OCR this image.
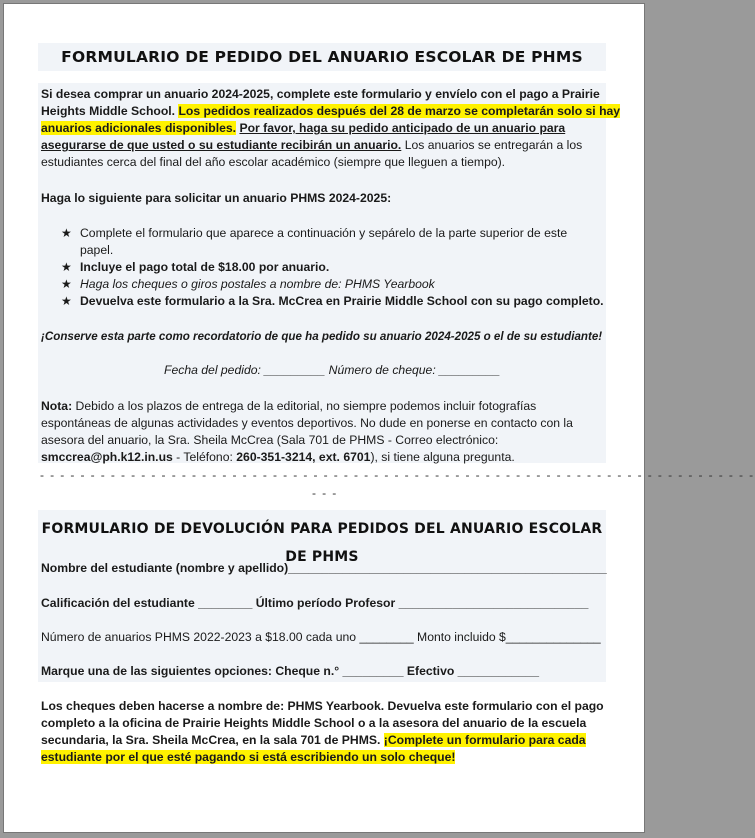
FORMULARIO DE PEDIDO DEL ANUARIO ESCOLAR DE PHMS
Si desea comprar un anuario 2024-2025, complete este formulario y envíelo con el pago a Prairie
Heights Middle School. Los pedidos realizados después del 28 de marzo se completarán solo si hay
anuarios adicionales disponibles. Por favor, haga su pedido anticipado de un anuario para
asegurarse de que usted o su estudiante recibirán un anuario. Los anuarios se entregarán a los
estudiantes cerca del final del año escolar académico (siempre que lleguen a tiempo).
Haga lo siguiente para solicitar un anuario PHMS 2024-2025:
★ Complete el formulario que aparece a continuación y sepárelo de la parte superior de este
papel.
★ Incluye el pago total de $18.00 por anuario.
★ Haga los cheques o giros postales a nombre de: PHMS Yearbook
★ Devuelva este formulario a la Sra. McCrea en Prairie Middle School con su pago completo.
¡Conserve esta parte como recordatorio de que ha pedido su anuario 2024-2025 o el de su estudiante!
Fecha del pedido: _________ Número de cheque: _________
Nota: Debido a los plazos de entrega de la editorial, no siempre podemos incluir fotografías
espontáneas de algunas actividades y eventos deportivos. No dude en ponerse en contacto con la
asesora del anuario, la Sra. Sheila McCrea (Sala 701 de PHMS - Correo electrónico:
smccrea@ph.k12.in.us - Teléfono: 260-351-3214, ext. 6701), si tiene alguna pregunta.
- - - - - - - - - - - - - - - - - - - - - - - - - - - - - - - - - - - - - - - - - - - - - - - - - - - - - - - - - - - - - - - - - - - - - - -
- - -
FORMULARIO DE DEVOLUCIÓN PARA PEDIDOS DEL ANUARIO ESCOLAR DE PHMS
Nombre del estudiante (nombre y apellido)_______________________________________________
Calificación del estudiante ________ Último período Profesor ____________________________
Número de anuarios PHMS 2022-2023 a $18.00 cada uno ________ Monto incluido $______________
Marque una de las siguientes opciones: Cheque n.° _________ Efectivo ____________
Los cheques deben hacerse a nombre de: PHMS Yearbook. Devuelva este formulario con el pago
completo a la oficina de Prairie Heights Middle School o a la asesora del anuario de la escuela
secundaria, la Sra. Sheila McCrea, en la sala 701 de PHMS. ¡Complete un formulario para cada
estudiante por el que esté pagando si está escribiendo un solo cheque!
